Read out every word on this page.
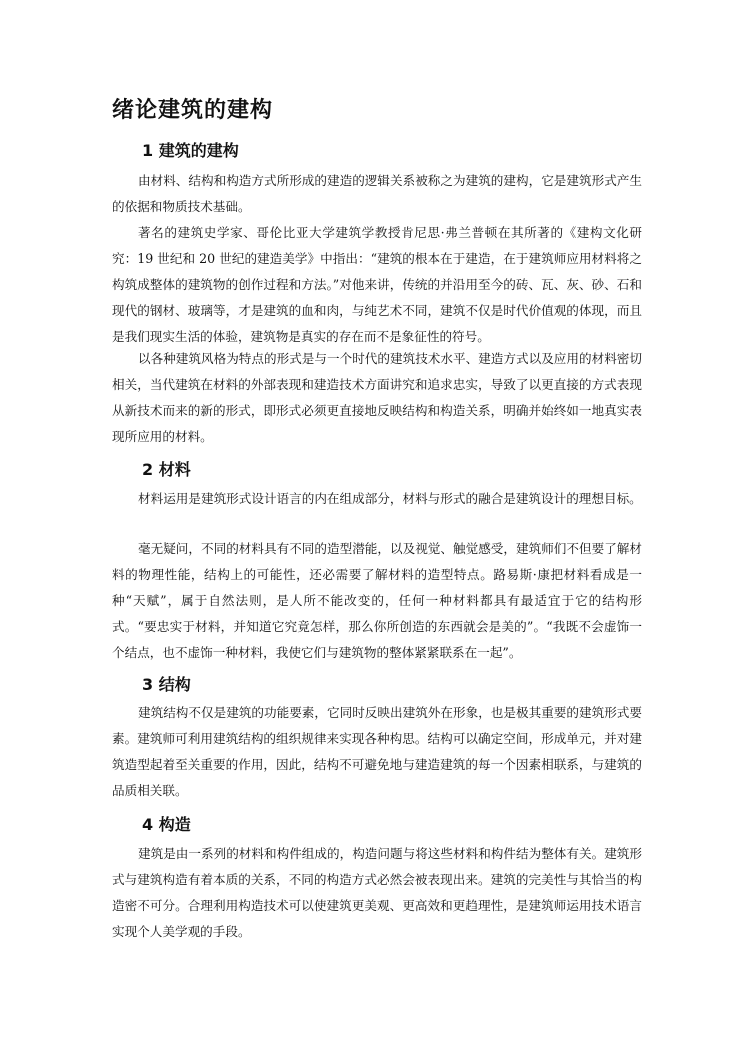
绪论建筑的建构
1 建筑的建构

由材料、结构和构造方式所形成的建造的逻辑关系被称之为建筑的建构，它是建筑形式产生的依据和物质技术基础。

著名的建筑史学家、哥伦比亚大学建筑学教授肯尼思·弗兰普顿在其所著的《建构文化研究：19 世纪和 20 世纪的建造美学》中指出：“建筑的根本在于建造，在于建筑师应用材料将之构筑成整体的建筑物的创作过程和方法。”对他来讲，传统的并沿用至今的砖、瓦、灰、砂、石和现代的钢材、玻璃等，才是建筑的血和肉，与纯艺术不同，建筑不仅是时代价值观的体现，而且是我们现实生活的体验，建筑物是真实的存在而不是象征性的符号。

以各种建筑风格为特点的形式是与一个时代的建筑技术水平、建造方式以及应用的材料密切相关，当代建筑在材料的外部表现和建造技术方面讲究和追求忠实，导致了以更直接的方式表现从新技术而来的新的形式，即形式必须更直接地反映结构和构造关系，明确并始终如一地真实表现所应用的材料。

2 材料

材料运用是建筑形式设计语言的内在组成部分，材料与形式的融合是建筑设计的理想目标。

毫无疑问，不同的材料具有不同的造型潜能，以及视觉、触觉感受，建筑师们不但要了解材料的物理性能，结构上的可能性，还必需要了解材料的造型特点。路易斯·康把材料看成是一种“天赋”，属于自然法则，是人所不能改变的，任何一种材料都具有最适宜于它的结构形式。“要忠实于材料，并知道它究竟怎样，那么你所创造的东西就会是美的”。“我既不会虚饰一个结点，也不虚饰一种材料，我使它们与建筑物的整体紧紧联系在一起”。

3 结构

建筑结构不仅是建筑的功能要素，它同时反映出建筑外在形象，也是极其重要的建筑形式要素。建筑师可利用建筑结构的组织规律来实现各种构思。结构可以确定空间，形成单元，并对建筑造型起着至关重要的作用，因此，结构不可避免地与建造建筑的每一个因素相联系，与建筑的品质相关联。

4 构造

建筑是由一系列的材料和构件组成的，构造问题与将这些材料和构件结为整体有关。建筑形式与建筑构造有着本质的关系，不同的构造方式必然会被表现出来。建筑的完美性与其恰当的构造密不可分。合理利用构造技术可以使建筑更美观、更高效和更趋理性，是建筑师运用技术语言实现个人美学观的手段。
